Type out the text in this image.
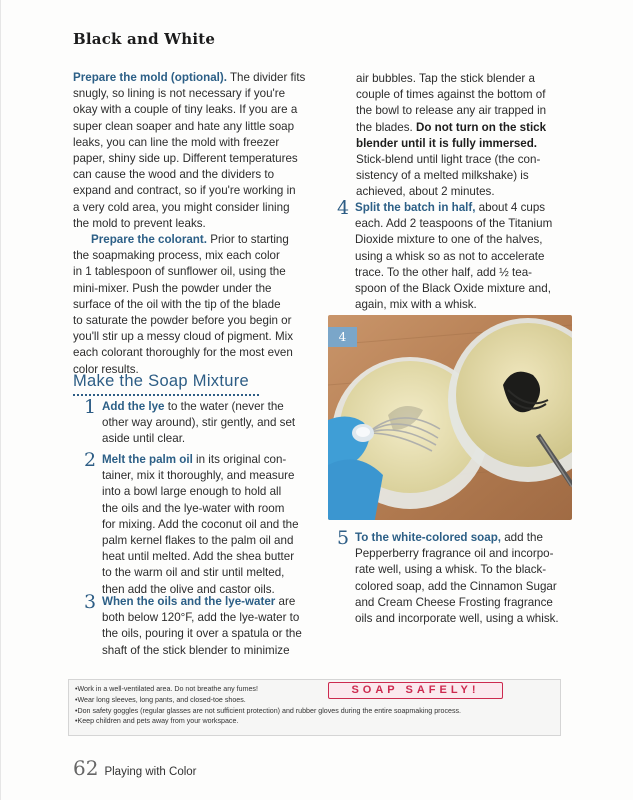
Black and White

Prepare the mold (optional). The divider fits
snugly, so lining is not necessary if you're
okay with a couple of tiny leaks. If you are a
super clean soaper and hate any little soap
leaks, you can line the mold with freezer
paper, shiny side up. Different temperatures
can cause the wood and the dividers to
expand and contract, so if you're working in
a very cold area, you might consider lining
the mold to prevent leaks.

Prepare the colorant. Prior to starting
the soapmaking process, mix each color
in 1 tablespoon of sunflower oil, using the
mini-mixer. Push the powder under the
surface of the oil with the tip of the blade
to saturate the powder before you begin or
you'll stir up a messy cloud of pigment. Mix
each colorant thoroughly for the most even
color results.

Make the Soap Mixture
1 Add the lye to the water (never the
other way around), stir gently, and set
aside until clear.
2 Melt the palm oil in its original con-
tainer, mix it thoroughly, and measure
into a bowl large enough to hold all
the oils and the lye-water with room
for mixing. Add the coconut oil and the
palm kernel flakes to the palm oil and
heat until melted. Add the shea butter
to the warm oil and stir until melted,
then add the olive and castor oils.
3 When the oils and the lye-water are
both below 120°F, add the lye-water to
the oils, pouring it over a spatula or the
shaft of the stick blender to minimize

air bubbles. Tap the stick blender a
couple of times against the bottom of
the bowl to release any air trapped in
the blades. Do not turn on the stick
blender until it is fully immersed.
Stick-blend until light trace (the con-
sistency of a melted milkshake) is
achieved, about 2 minutes.

4 Split the batch in half, about 4 cups
each. Add 2 teaspoons of the Titanium
Dioxide mixture to one of the halves,
using a whisk so as not to accelerate
trace. To the other half, add ½ tea-
spoon of the Black Oxide mixture and,
again, mix with a whisk.
4
5 To the white-colored soap, add the
Pepperberry fragrance oil and incorpo-
rate well, using a whisk. To the black-
colored soap, add the Cinnamon Sugar
and Cream Cheese Frosting fragrance
oils and incorporate well, using a whisk.
• Work in a well-ventilated area. Do not breathe any fumes!
• Wear long sleeves, long pants, and closed-toe shoes.
• Don safety goggles (regular glasses are not sufficient protection) and rubber gloves during the entire soapmaking process.
• Keep children and pets away from your workspace.
SOAP SAFELY!
62 Playing with Color
